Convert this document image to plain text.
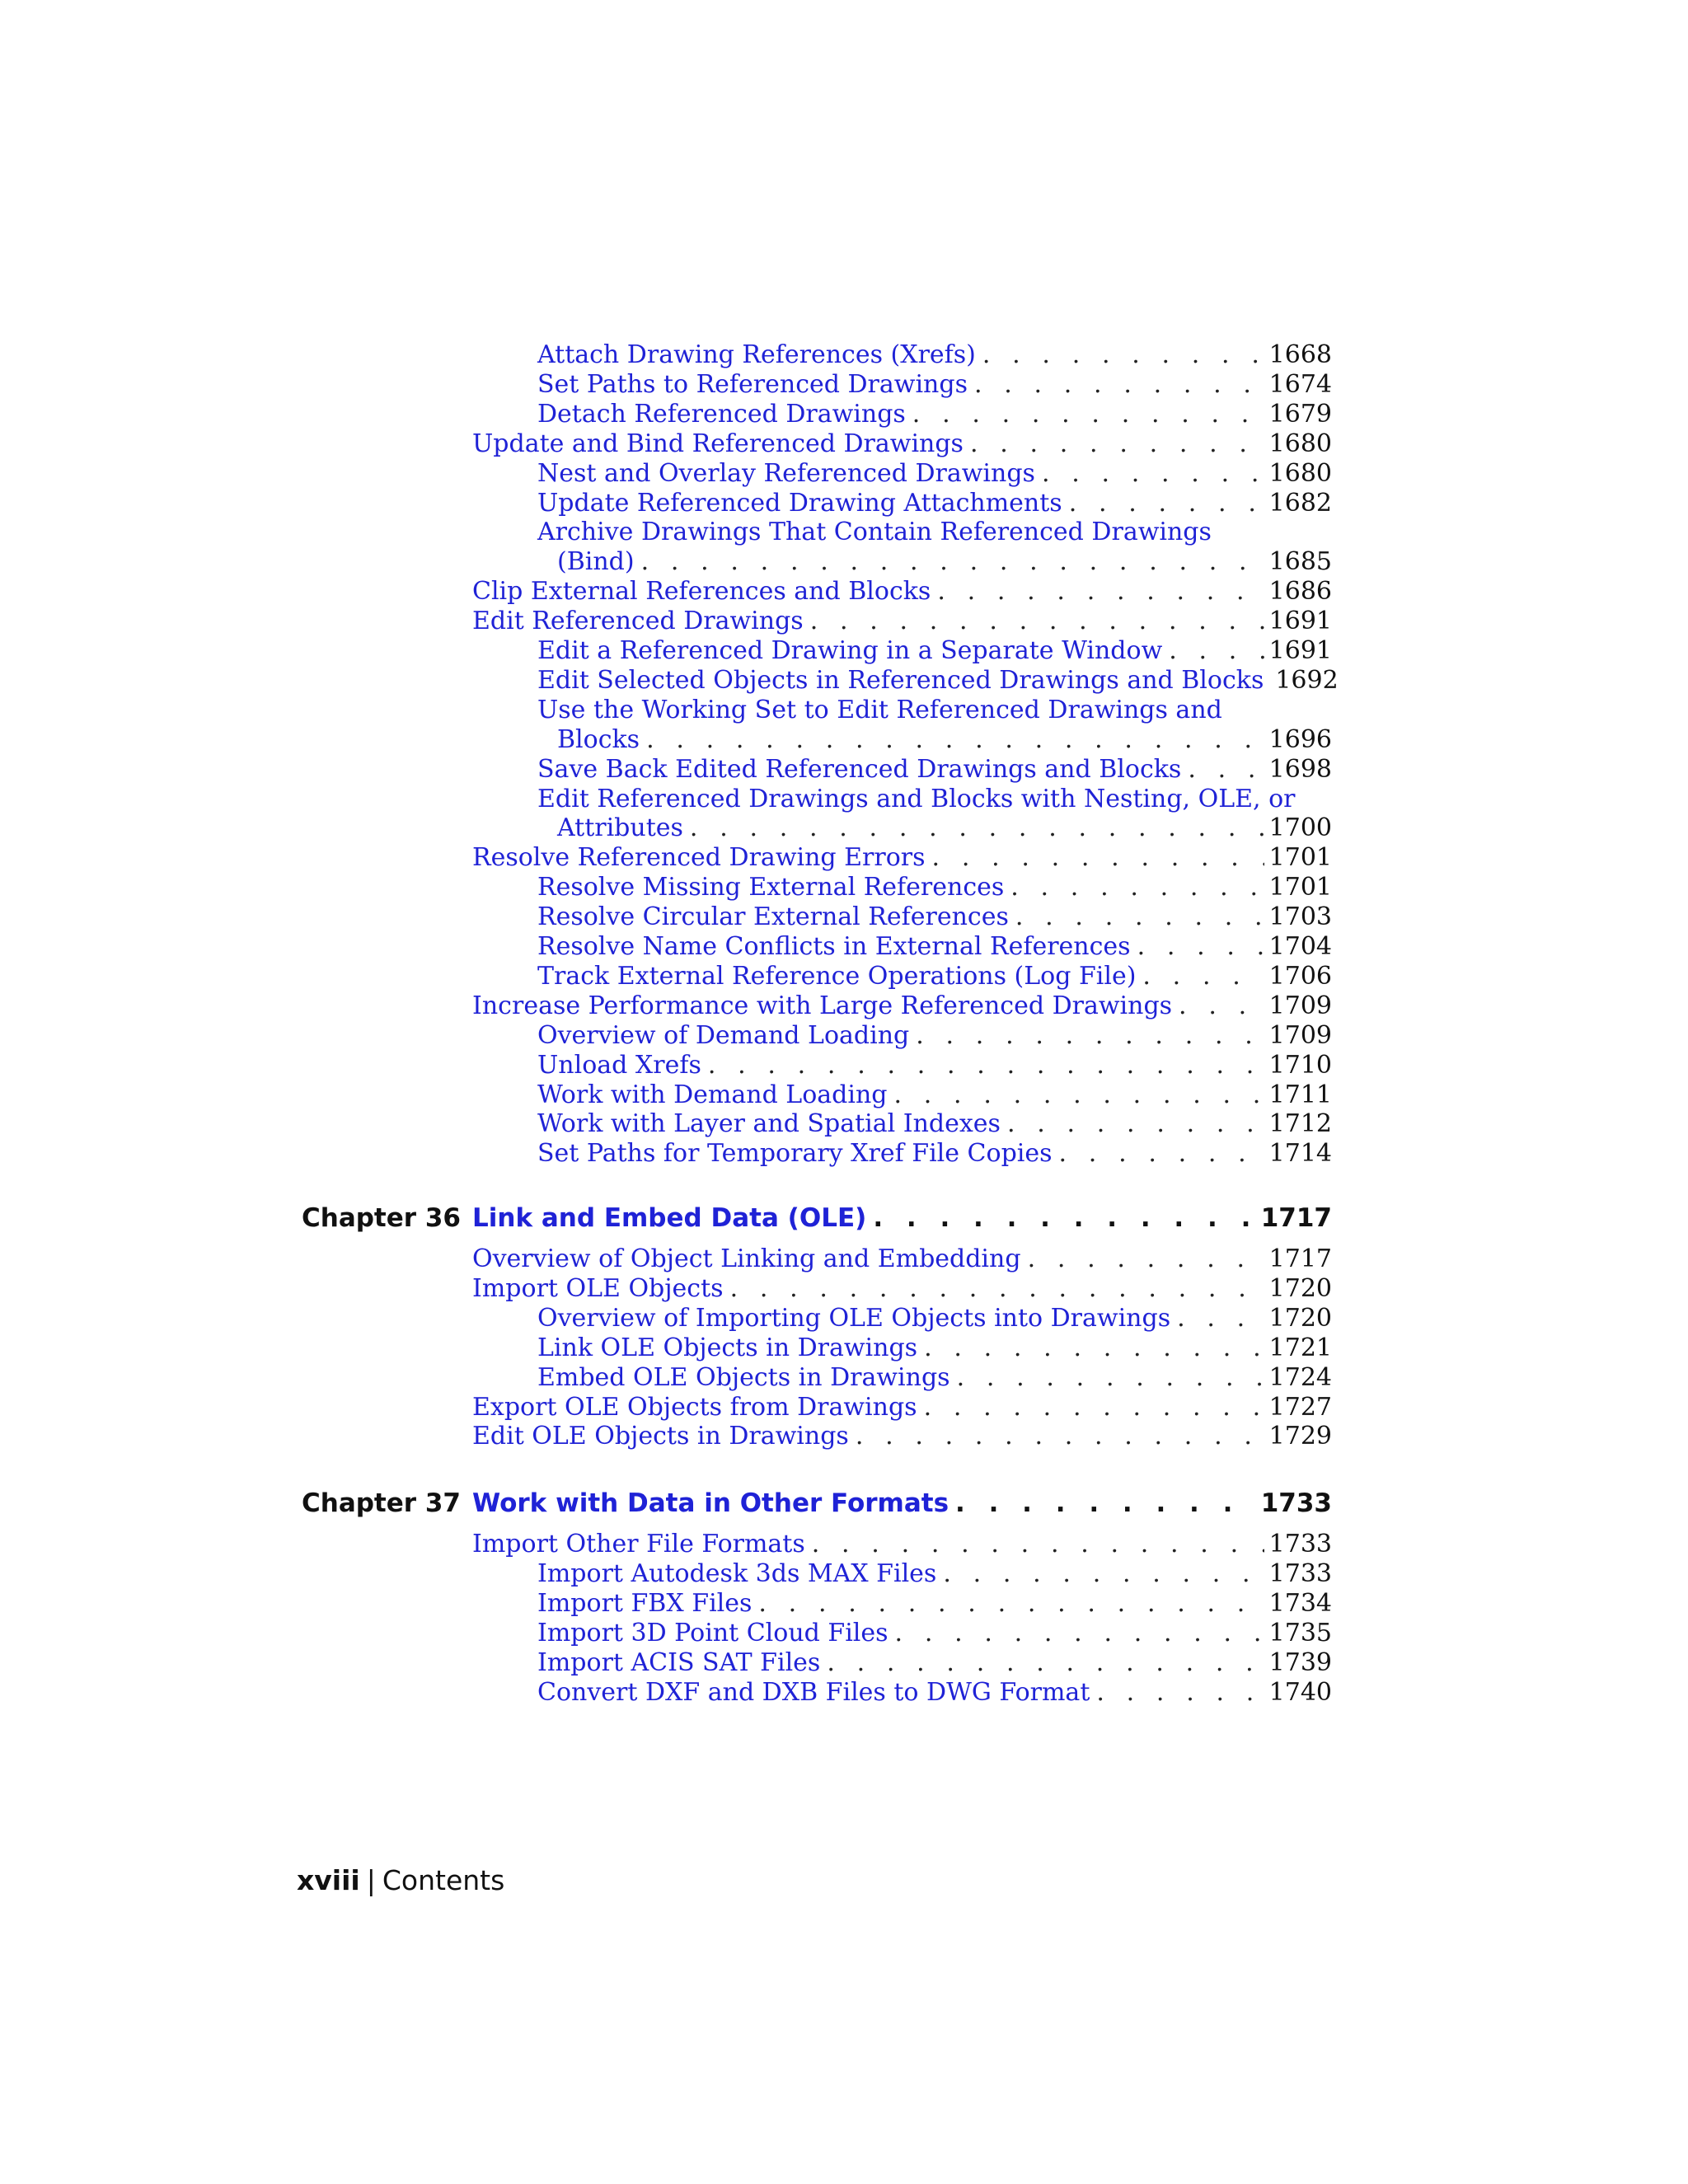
Attach Drawing References (Xrefs) . . .	1668
Set Paths to Referenced Drawings . . .	1674
Detach Referenced Drawings . . .	1679
Update and Bind Referenced Drawings . . .	1680
Nest and Overlay Referenced Drawings . . .	1680
Update Referenced Drawing Attachments . . .	1682
Archive Drawings That Contain Referenced Drawings
(Bind) . . .	1685
Clip External References and Blocks . . .	1686
Edit Referenced Drawings . . .	1691
Edit a Referenced Drawing in a Separate Window . . .	1691
Edit Selected Objects in Referenced Drawings and Blocks . . . 1692
Use the Working Set to Edit Referenced Drawings and
Blocks . . .	1696
Save Back Edited Referenced Drawings and Blocks . . .	1698
Edit Referenced Drawings and Blocks with Nesting, OLE, or
Attributes . . .	1700
Resolve Referenced Drawing Errors . . .	1701
Resolve Missing External References . . .	1701
Resolve Circular External References . . .	1703
Resolve Name Conflicts in External References . . .	1704
Track External Reference Operations (Log File) . . .	1706
Increase Performance with Large Referenced Drawings . . .	1709
Overview of Demand Loading . . .	1709
Unload Xrefs . . .	1710
Work with Demand Loading . . .	1711
Work with Layer and Spatial Indexes . . .	1712
Set Paths for Temporary Xref File Copies . . .	1714
Chapter 36 Link and Embed Data (OLE) . . .	1717
Overview of Object Linking and Embedding . . .	1717
Import OLE Objects . . .	1720
Overview of Importing OLE Objects into Drawings . . .	1720
Link OLE Objects in Drawings . . .	1721
Embed OLE Objects in Drawings . . .	1724
Export OLE Objects from Drawings . . .	1727
Edit OLE Objects in Drawings . . .	1729
Chapter 37 Work with Data in Other Formats . . .	1733
Import Other File Formats . . .	1733
Import Autodesk 3ds MAX Files . . .	1733
Import FBX Files . . .	1734
Import 3D Point Cloud Files . . .	1735
Import ACIS SAT Files . . .	1739
Convert DXF and DXB Files to DWG Format . . .	1740
xviii | Contents
